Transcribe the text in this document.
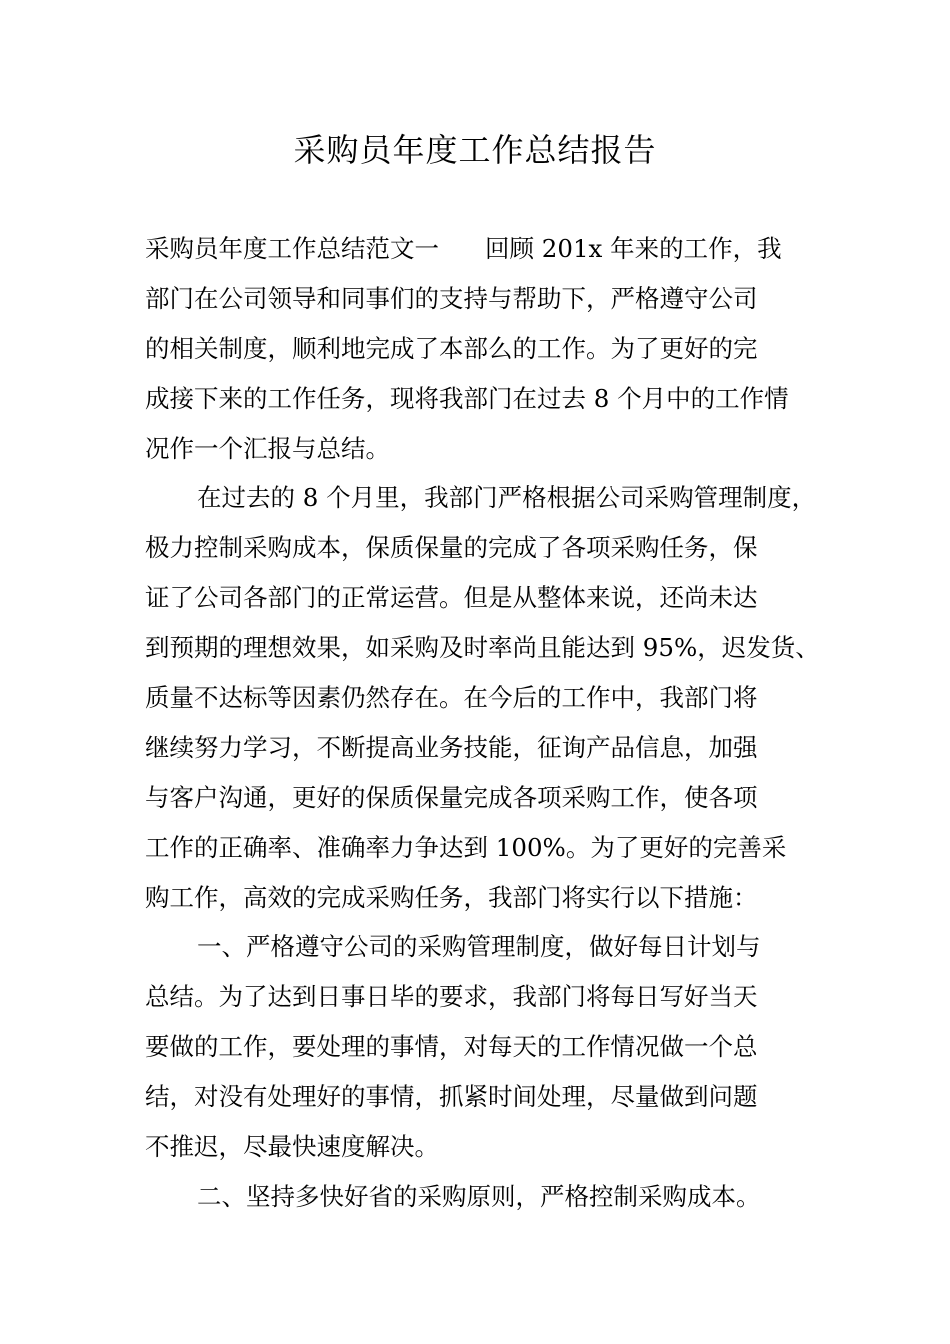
采购员年度工作总结报告
采购员年度工作总结范文一 回顾 201x 年来的工作，我
部门在公司领导和同事们的支持与帮助下，严格遵守公司
的相关制度，顺利地完成了本部么的工作。为了更好的完
成接下来的工作任务，现将我部门在过去 8 个月中的工作情
况作一个汇报与总结。
在过去的 8 个月里，我部门严格根据公司采购管理制度，
极力控制采购成本，保质保量的完成了各项采购任务，保
证了公司各部门的正常运营。但是从整体来说，还尚未达
到预期的理想效果，如采购及时率尚且能达到 95%，迟发货、
质量不达标等因素仍然存在。在今后的工作中，我部门将
继续努力学习，不断提高业务技能，征询产品信息，加强
与客户沟通，更好的保质保量完成各项采购工作，使各项
工作的正确率、准确率力争达到 100%。为了更好的完善采
购工作，高效的完成采购任务，我部门将实行以下措施：
一、严格遵守公司的采购管理制度，做好每日计划与
总结。为了达到日事日毕的要求，我部门将每日写好当天
要做的工作，要处理的事情，对每天的工作情况做一个总
结，对没有处理好的事情，抓紧时间处理，尽量做到问题
不推迟，尽最快速度解决。
二、坚持多快好省的采购原则，严格控制采购成本。
